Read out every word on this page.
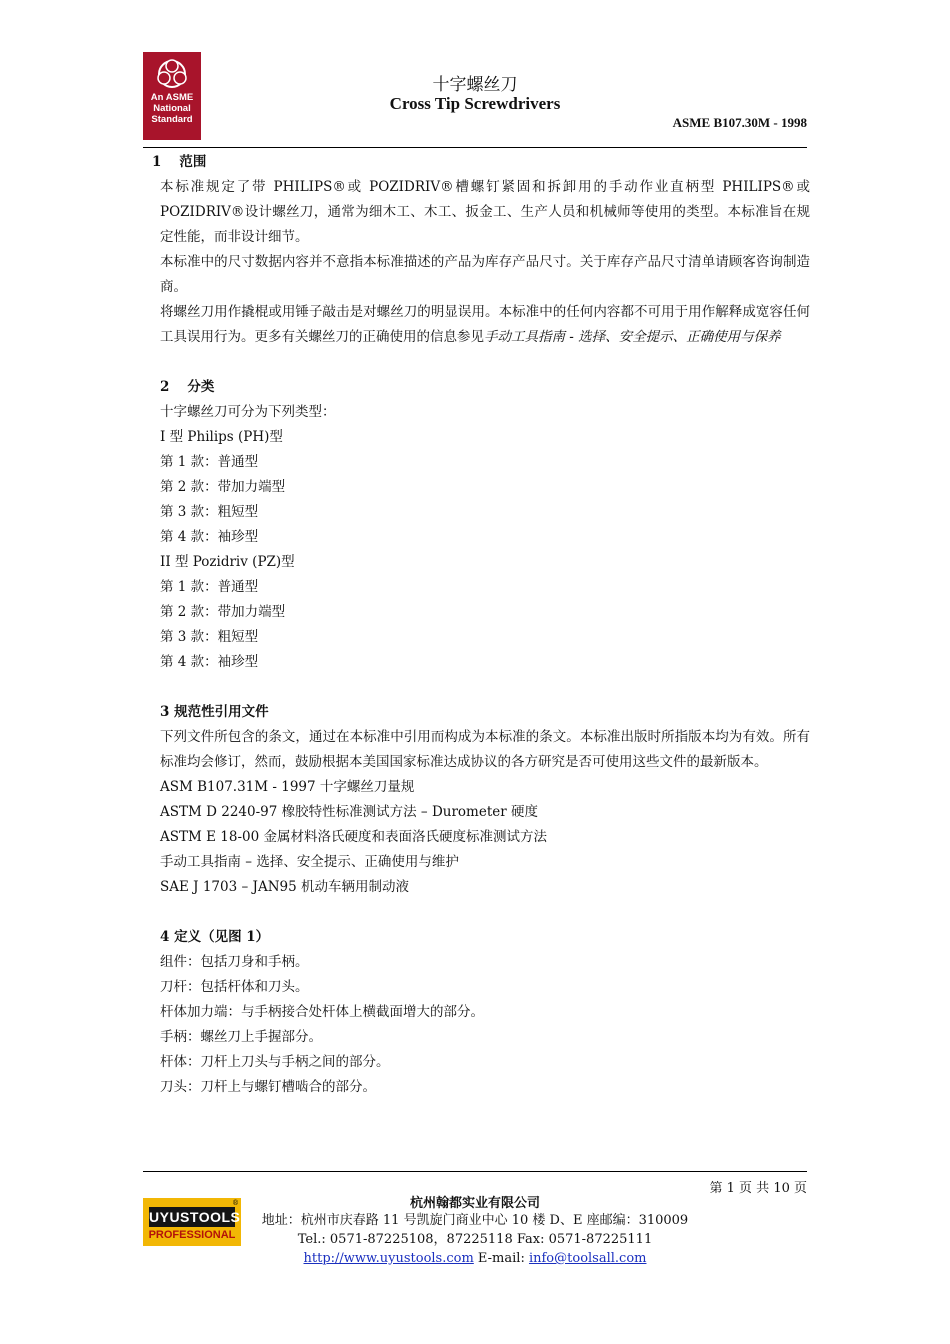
An ASME
National
Standard
十字螺丝刀
Cross Tip Screwdrivers
ASME B107.30M - 1998
1 范围
本标准规定了带 PHILIPS®或 POZIDRIV®槽螺钉紧固和拆卸用的手动作业直柄型 PHILIPS®或POZIDRIV®设计螺丝刀，通常为细木工、木工、扳金工、生产人员和机械师等使用的类型。本标准旨在规定性能，而非设计细节。
本标准中的尺寸数据内容并不意指本标准描述的产品为库存产品尺寸。关于库存产品尺寸清单请顾客咨询制造商。
将螺丝刀用作撬棍或用锤子敲击是对螺丝刀的明显误用。本标准中的任何内容都不可用于用作解释成宽容任何工具误用行为。更多有关螺丝刀的正确使用的信息参见手动工具指南 - 选择、安全提示、正确使用与保养
2 分类
十字螺丝刀可分为下列类型：
I 型 Philips (PH)型
第 1 款：普通型
第 2 款：带加力端型
第 3 款：粗短型
第 4 款：袖珍型
II 型 Pozidriv (PZ)型
第 1 款：普通型
第 2 款：带加力端型
第 3 款：粗短型
第 4 款：袖珍型
3 规范性引用文件
下列文件所包含的条文，通过在本标准中引用而构成为本标准的条文。本标准出版时所指版本均为有效。所有标准均会修订，然而，鼓励根据本美国国家标准达成协议的各方研究是否可使用这些文件的最新版本。
ASM B107.31M - 1997 十字螺丝刀量规
ASTM D 2240-97 橡胶特性标准测试方法 – Durometer 硬度
ASTM E 18-00 金属材料洛氏硬度和表面洛氏硬度标准测试方法
手动工具指南 – 选择、安全提示、正确使用与维护
SAE J 1703 – JAN95 机动车辆用制动液
4 定义（见图 1）
组件：包括刀身和手柄。
刀杆：包括杆体和刀头。
杆体加力端：与手柄接合处杆体上横截面增大的部分。
手柄：螺丝刀上手握部分。
杆体：刀杆上刀头与手柄之间的部分。
刀头：刀杆上与螺钉槽啮合的部分。
第 1 页 共 10 页
®
UYUSTOOLS
PROFESSIONAL
杭州翰都实业有限公司
地址：杭州市庆春路 11 号凯旋门商业中心 10 楼 D、E 座邮编：310009
Tel.: 0571-87225108，87225118 Fax: 0571-87225111
http://www.uyustools.com E-mail: info@toolsall.com
